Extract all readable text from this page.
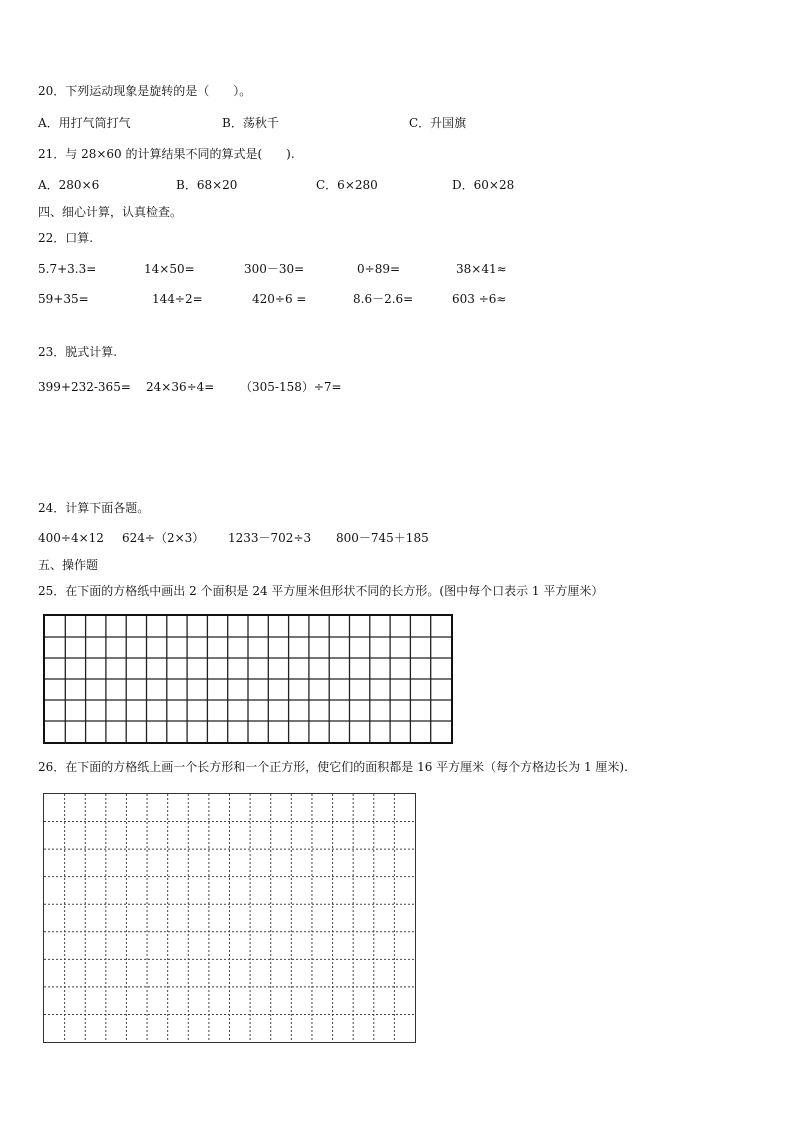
20．下列运动现象是旋转的是（　　）。
A．用打气筒打气	B．荡秋千	C．升国旗
21．与 28×60 的计算结果不同的算式是(　　).
A．280×6	B．68×20	C．6×280	D．60×28
四、细心计算，认真检查。
22．口算.
5.7+3.3=	14×50=	300－30=	0÷89=	38×41≈
59+35=	144÷2=	420÷6 =	8.6－2.6=	603 ÷6≈
23．脱式计算.
399+232-365= 24×36÷4= （305-158）÷7=
24．计算下面各题。
400÷4×12 624÷（2×3） 1233－702÷3 800－745＋185
五、操作题
25．在下面的方格纸中画出 2 个面积是 24 平方厘米但形状不同的长方形。(图中每个口表示 1 平方厘米）
26．在下面的方格纸上画一个长方形和一个正方形，使它们的面积都是 16 平方厘米（每个方格边长为 1 厘米).
